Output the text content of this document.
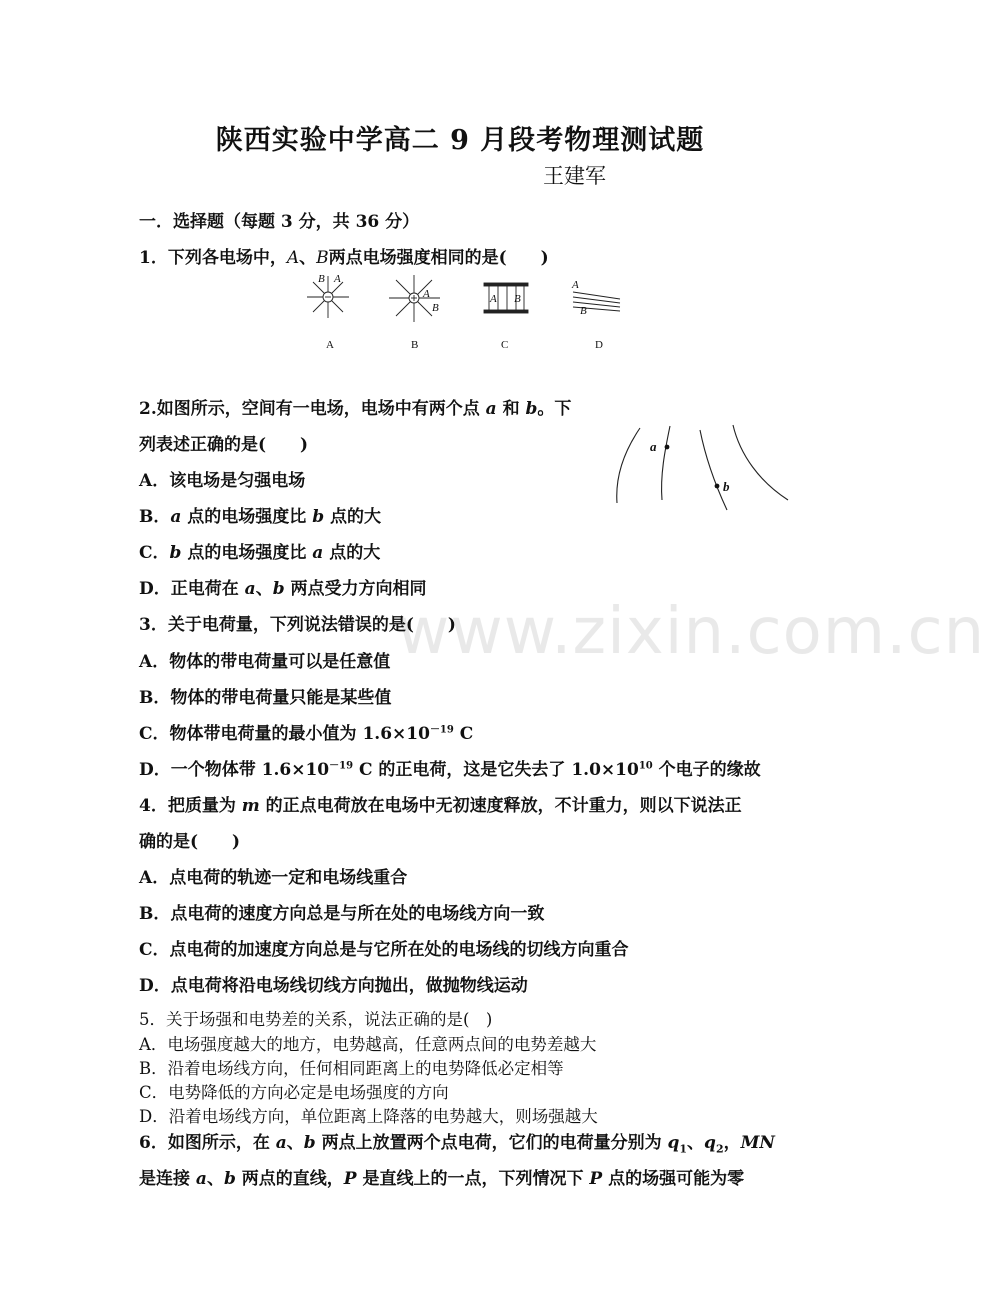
陕西实验中学高二 9 月段考物理测试题
王建军
www.zixin.com.cn
一．选择题（每题 3 分，共 36 分）
1．下列各电场中，A、B两点电场强度相同的是(　　)
B A
A
B
A B
A
B
A	B	C	D
2.如图所示，空间有一电场，电场中有两个点 a 和 b。下
列表述正确的是(　　)
A．该电场是匀强电场
B．a 点的电场强度比 b 点的大
C．b 点的电场强度比 a 点的大
D．正电荷在 a、b 两点受力方向相同
a
b
3．关于电荷量，下列说法错误的是(　　)
A．物体的带电荷量可以是任意值
B．物体的带电荷量只能是某些值
C．物体带电荷量的最小值为 $1.6\times 10^{-19}$ C
D．一个物体带 $1.6\times 10^{-19}$ C 的正电荷，这是它失去了 $1.0\times 10^{10}$ 个电子的缘故
4．把质量为 m 的正点电荷放在电场中无初速度释放，不计重力，则以下说法正
确的是(　　)
A．点电荷的轨迹一定和电场线重合
B．点电荷的速度方向总是与所在处的电场线方向一致
C．点电荷的加速度方向总是与它所在处的电场线的切线方向重合
D．点电荷将沿电场线切线方向抛出，做抛物线运动
5．关于场强和电势差的关系，说法正确的是(　)
A．电场强度越大的地方，电势越高，任意两点间的电势差越大
B．沿着电场线方向，任何相同距离上的电势降低必定相等
C．电势降低的方向必定是电场强度的方向
D．沿着电场线方向，单位距离上降落的电势越大，则场强越大
6．如图所示，在 a、b 两点上放置两个点电荷，它们的电荷量分别为 $q_1$、$q_2$，MN
是连接 a、b 两点的直线，P 是直线上的一点，下列情况下 P 点的场强可能为零
